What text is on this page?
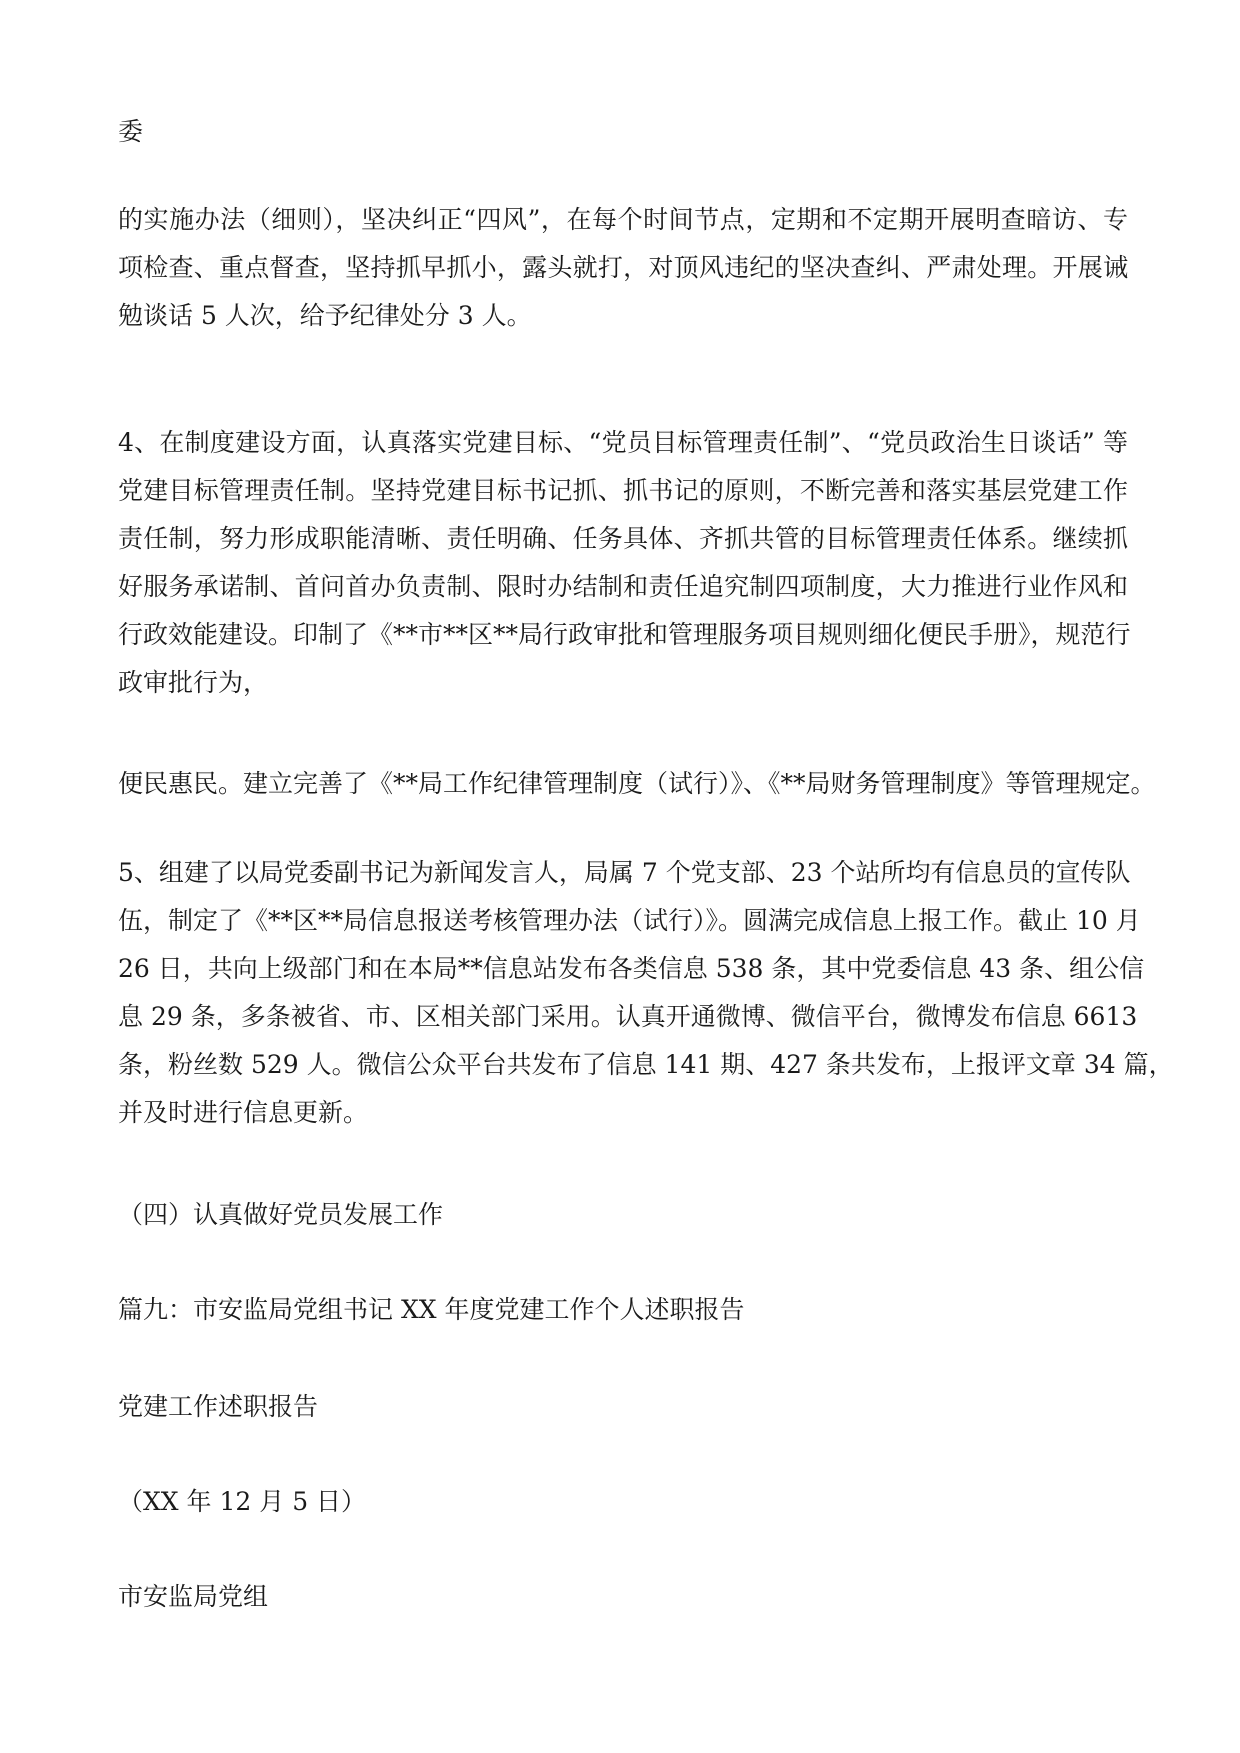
委

的实施办法（细则），坚决纠正“四风”，在每个时间节点，定期和不定期开展明查暗访、专
项检查、重点督查，坚持抓早抓小，露头就打，对顶风违纪的坚决查纠、严肃处理。开展诫
勉谈话 5 人次，给予纪律处分 3 人。

4、在制度建设方面，认真落实党建目标、“党员目标管理责任制”、“党员政治生日谈话” 等
党建目标管理责任制。坚持党建目标书记抓、抓书记的原则，不断完善和落实基层党建工作
责任制，努力形成职能清晰、责任明确、任务具体、齐抓共管的目标管理责任体系。继续抓
好服务承诺制、首问首办负责制、限时办结制和责任追究制四项制度，大力推进行业作风和
行政效能建设。印制了《**市**区**局行政审批和管理服务项目规则细化便民手册》，规范行
政审批行为，

便民惠民。建立完善了《**局工作纪律管理制度（试行）》、《**局财务管理制度》等管理规定。

5、组建了以局党委副书记为新闻发言人，局属 7 个党支部、23 个站所均有信息员的宣传队
伍，制定了《**区**局信息报送考核管理办法（试行）》。圆满完成信息上报工作。截止 10 月
26 日，共向上级部门和在本局**信息站发布各类信息 538 条，其中党委信息 43 条、组公信
息 29 条，多条被省、市、区相关部门采用。认真开通微博、微信平台，微博发布信息 6613
条，粉丝数 529 人。微信公众平台共发布了信息 141 期、427 条共发布，上报评文章 34 篇，
并及时进行信息更新。

（四）认真做好党员发展工作

篇九：市安监局党组书记 XX 年度党建工作个人述职报告

党建工作述职报告

（XX 年 12 月 5 日）

市安监局党组
